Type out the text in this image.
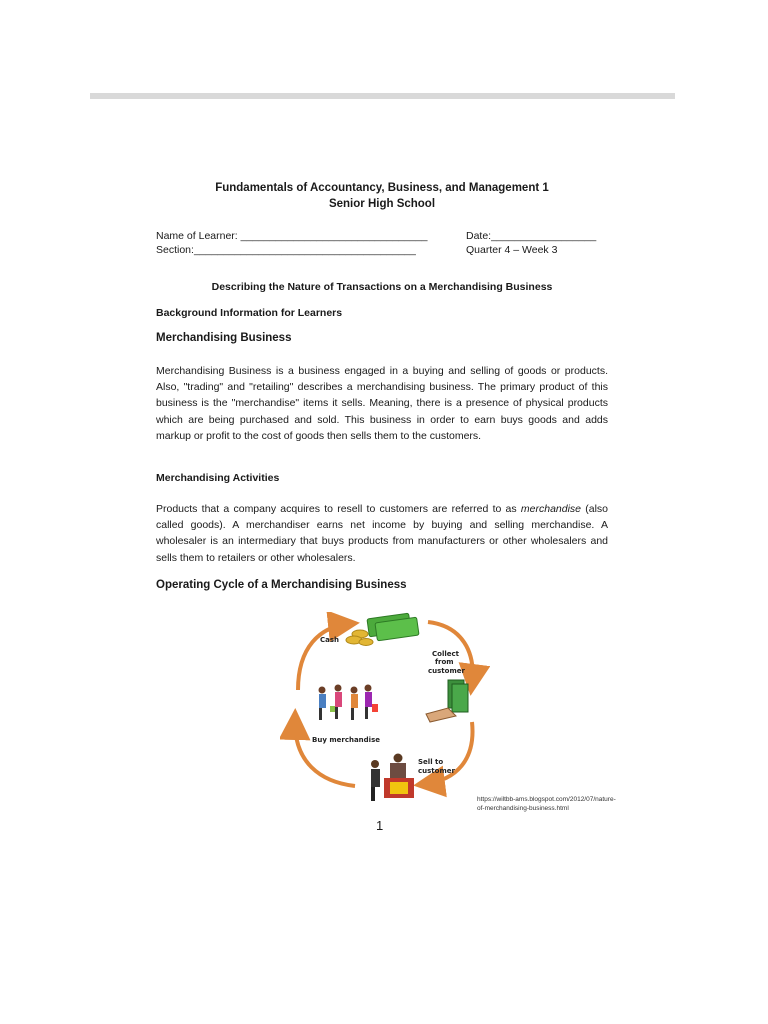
Fundamentals of Accountancy, Business, and Management 1

Senior High School

Name of Learner: ________________________________	Date:__________________
Section:______________________________________	Quarter 4 – Week 3
Describing the Nature of Transactions on a Merchandising Business
Background Information for Learners
Merchandising Business
Merchandising Business is a business engaged in a buying and selling of goods or products. Also, "trading" and "retailing" describes a merchandising business. The primary product of this business is the "merchandise" items it sells. Meaning, there is a presence of physical products which are being purchased and sold. This business in order to earn buys goods and adds markup or profit to the cost of goods then sells them to the customers.
Merchandising Activities
Products that a company acquires to resell to customers are referred to as merchandise (also called goods). A merchandiser earns net income by buying and selling merchandise. A wholesaler is an intermediary that buys products from manufacturers or other wholesalers and sells them to retailers or other wholesalers.
Operating Cycle of a Merchandising Business
Cash
Collect
from
customer
Buy merchandise
Sell to
customer
https://wiltbb-ams.blogspot.com/2012/07/nature-
of-merchandising-business.html
1
